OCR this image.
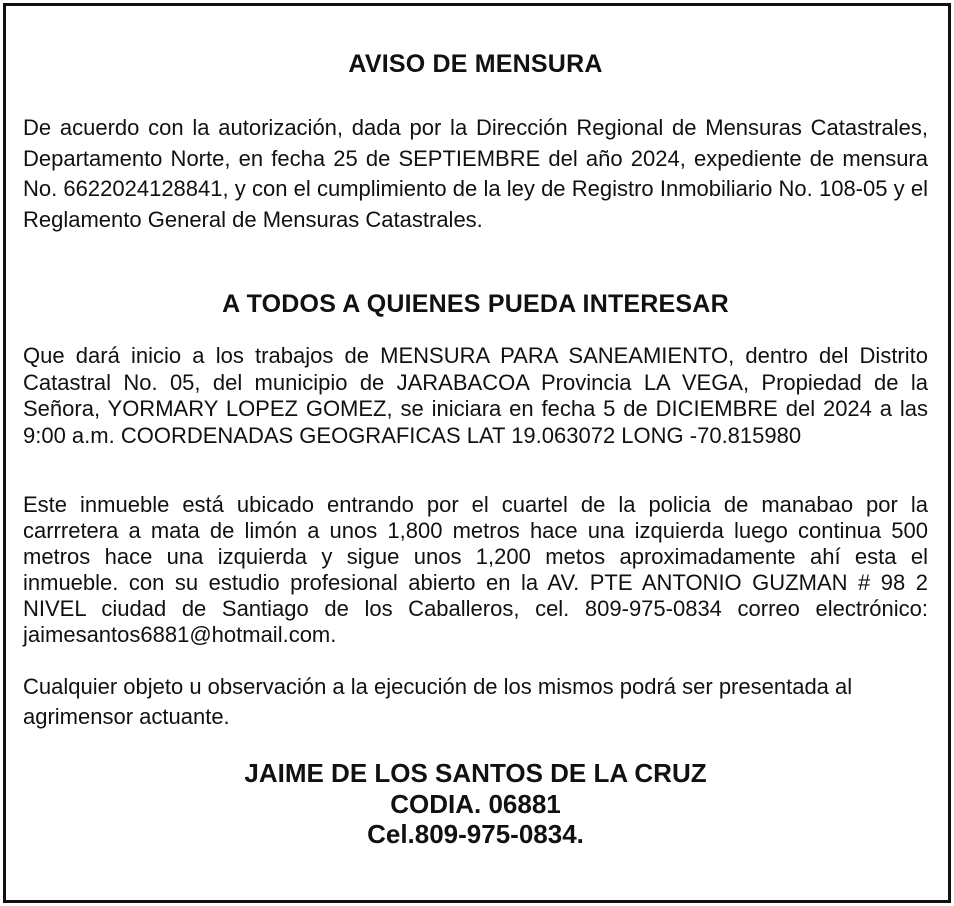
AVISO DE MENSURA

De acuerdo con la autorización, dada por la Dirección Regional de Mensuras Catastrales, Departamento Norte, en fecha 25 de SEPTIEMBRE del año 2024, expediente de mensura No. 6622024128841, y con el cumplimiento de la ley de Registro Inmobiliario No. 108-05 y el Reglamento General de Mensuras Catastrales.

A TODOS A QUIENES PUEDA INTERESAR

Que dará inicio a los trabajos de MENSURA PARA SANEAMIENTO, dentro del Distrito Catastral No. 05, del municipio de JARABACOA Provincia LA VEGA, Propiedad de la Señora, YORMARY LOPEZ GOMEZ, se iniciara en fecha 5 de DICIEMBRE del 2024 a las 9:00 a.m. COORDENADAS GEOGRAFICAS LAT 19.063072 LONG -70.815980

Este inmueble está ubicado entrando por el cuartel de la policia de manabao por la carrretera a mata de limón a unos 1,800 metros hace una izquierda luego continua 500 metros hace una izquierda y sigue unos 1,200 metos aproximadamente ahí esta el inmueble. con su estudio profesional abierto en la AV. PTE ANTONIO GUZMAN # 98 2 NIVEL ciudad de Santiago de los Caballeros, cel. 809-975-0834 correo electrónico: jaimesantos6881@hotmail.com.

Cualquier objeto u observación a la ejecución de los mismos podrá ser presentada al agrimensor actuante.

JAIME DE LOS SANTOS DE LA CRUZ
CODIA. 06881
Cel.809-975-0834.
